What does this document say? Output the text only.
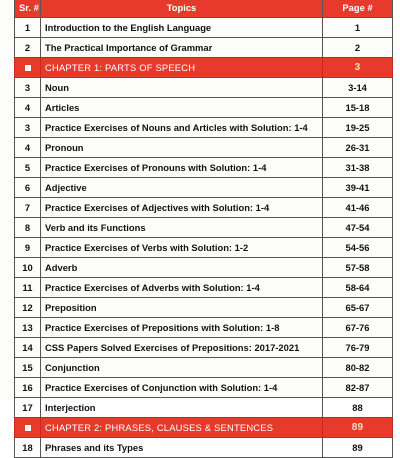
Sr. #	Topics	Page #
1	Introduction to the English Language	1
2	The Practical Importance of Grammar	2
	CHAPTER 1: PARTS OF SPEECH	3
3	Noun	3-14
4	Articles	15-18
3	Practice Exercises of Nouns and Articles with Solution: 1-4	19-25
4	Pronoun	26-31
5	Practice Exercises of Pronouns with Solution: 1-4	31-38
6	Adjective	39-41
7	Practice Exercises of Adjectives with Solution: 1-4	41-46
8	Verb and its Functions	47-54
9	Practice Exercises of Verbs with Solution: 1-2	54-56
10	Adverb	57-58
11	Practice Exercises of Adverbs with Solution: 1-4	58-64
12	Preposition	65-67
13	Practice Exercises of Prepositions with Solution: 1-8	67-76
14	CSS Papers Solved Exercises of Prepositions: 2017-2021	76-79
15	Conjunction	80-82
16	Practice Exercises of Conjunction with Solution: 1-4	82-87
17	Interjection	88
	CHAPTER 2: PHRASES, CLAUSES & SENTENCES	89
18	Phrases and its Types	89
